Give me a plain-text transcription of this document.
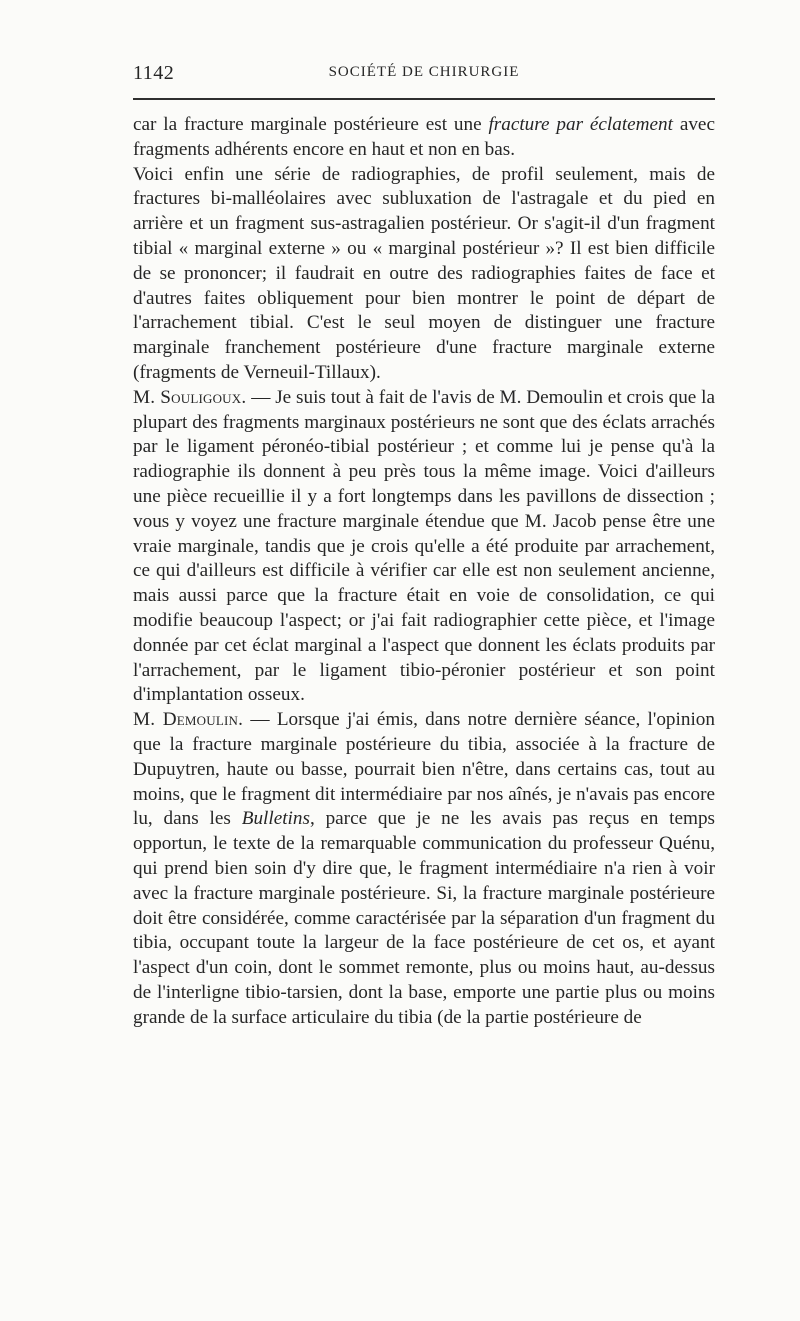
1142	SOCIÉTÉ DE CHIRURGIE

car la fracture marginale postérieure est une fracture par éclatement avec fragments adhérents encore en haut et non en bas.

Voici enfin une série de radiographies, de profil seulement, mais de fractures bi-malléolaires avec subluxation de l'astragale et du pied en arrière et un fragment sus-astragalien postérieur. Or s'agit-il d'un fragment tibial « marginal externe » ou « marginal postérieur »? Il est bien difficile de se prononcer; il faudrait en outre des radiographies faites de face et d'autres faites obliquement pour bien montrer le point de départ de l'arrachement tibial. C'est le seul moyen de distinguer une fracture marginale franchement postérieure d'une fracture marginale externe (fragments de Verneuil-Tillaux).

M. Souligoux. — Je suis tout à fait de l'avis de M. Demoulin et crois que la plupart des fragments marginaux postérieurs ne sont que des éclats arrachés par le ligament péronéo-tibial postérieur ; et comme lui je pense qu'à la radiographie ils donnent à peu près tous la même image. Voici d'ailleurs une pièce recueillie il y a fort longtemps dans les pavillons de dissection ; vous y voyez une fracture marginale étendue que M. Jacob pense être une vraie marginale, tandis que je crois qu'elle a été produite par arrachement, ce qui d'ailleurs est difficile à vérifier car elle est non seulement ancienne, mais aussi parce que la fracture était en voie de consolidation, ce qui modifie beaucoup l'aspect; or j'ai fait radiographier cette pièce, et l'image donnée par cet éclat marginal a l'aspect que donnent les éclats produits par l'arrachement, par le ligament tibio-péronier postérieur et son point d'implantation osseux.

M. Demoulin. — Lorsque j'ai émis, dans notre dernière séance, l'opinion que la fracture marginale postérieure du tibia, associée à la fracture de Dupuytren, haute ou basse, pourrait bien n'être, dans certains cas, tout au moins, que le fragment dit intermédiaire par nos aînés, je n'avais pas encore lu, dans les Bulletins, parce que je ne les avais pas reçus en temps opportun, le texte de la remarquable communication du professeur Quénu, qui prend bien soin d'y dire que, le fragment intermédiaire n'a rien à voir avec la fracture marginale postérieure. Si, la fracture marginale postérieure doit être considérée, comme caractérisée par la séparation d'un fragment du tibia, occupant toute la largeur de la face postérieure de cet os, et ayant l'aspect d'un coin, dont le sommet remonte, plus ou moins haut, au-dessus de l'interligne tibio-tarsien, dont la base, emporte une partie plus ou moins grande de la surface articulaire du tibia (de la partie postérieure de
